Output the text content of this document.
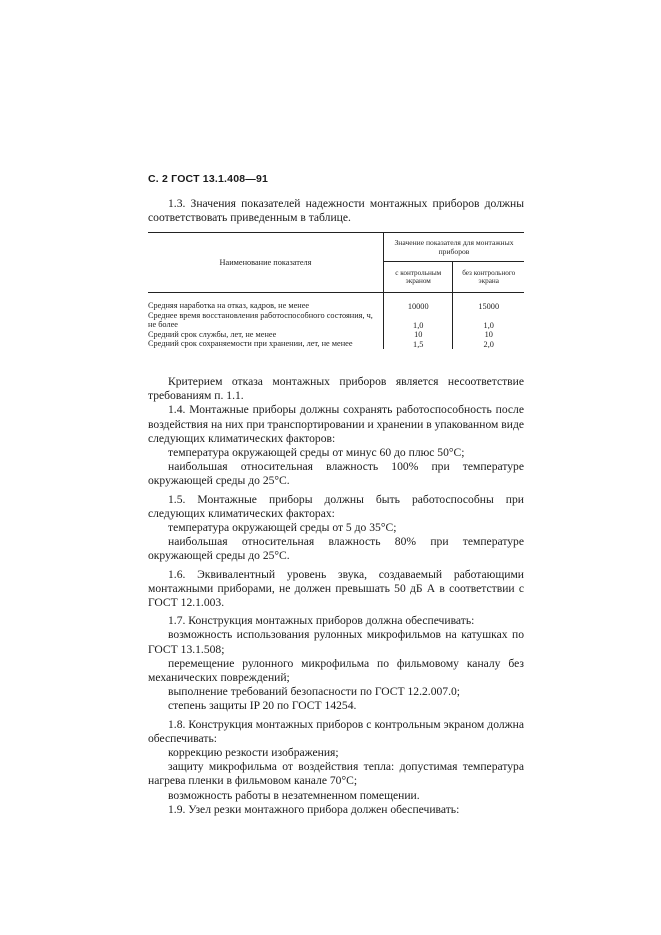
С. 2 ГОСТ 13.1.408—91
1.3. Значения показателей надежности монтажных приборов должны соответствовать приведенным в таблице.
Наименование показателя	Значение показателя для монтажных приборов	
	с контрольным экраном	без контрольного экрана

Средняя наработка на отказ, кадров, не менее	10000	15000
Среднее время восстановления работоспособного состояния, ч, не более	1,0	1,0
Средний срок службы, лет, не менее	10	10
Средний срок сохраняемости при хранении, лет, не менее	1,5	2,0

Критерием отказа монтажных приборов является несоответствие требованиям п. 1.1.

1.4. Монтажные приборы должны сохранять работоспособность после воздействия на них при транспортировании и хранении в упакованном виде следующих климатических факторов:

температура окружающей среды от минус 60 до плюс 50°С;

наибольшая относительная влажность 100% при температуре окружающей среды до 25°С.

1.5. Монтажные приборы должны быть работоспособны при следующих климатических факторах:

температура окружающей среды от 5 до 35°С;

наибольшая относительная влажность 80% при температуре окружающей среды до 25°С.

1.6. Эквивалентный уровень звука, создаваемый работающими монтажными приборами, не должен превышать 50 дБ А в соответствии с ГОСТ 12.1.003.

1.7. Конструкция монтажных приборов должна обеспечивать:

возможность использования рулонных микрофильмов на катушках по ГОСТ 13.1.508;

перемещение рулонного микрофильма по фильмовому каналу без механических повреждений;

выполнение требований безопасности по ГОСТ 12.2.007.0;

степень защиты IP 20 по ГОСТ 14254.

1.8. Конструкция монтажных приборов с контрольным экраном должна обеспечивать:

коррекцию резкости изображения;

защиту микрофильма от воздействия тепла: допустимая температура нагрева пленки в фильмовом канале 70°С;

возможность работы в незатемненном помещении.

1.9. Узел резки монтажного прибора должен обеспечивать:
